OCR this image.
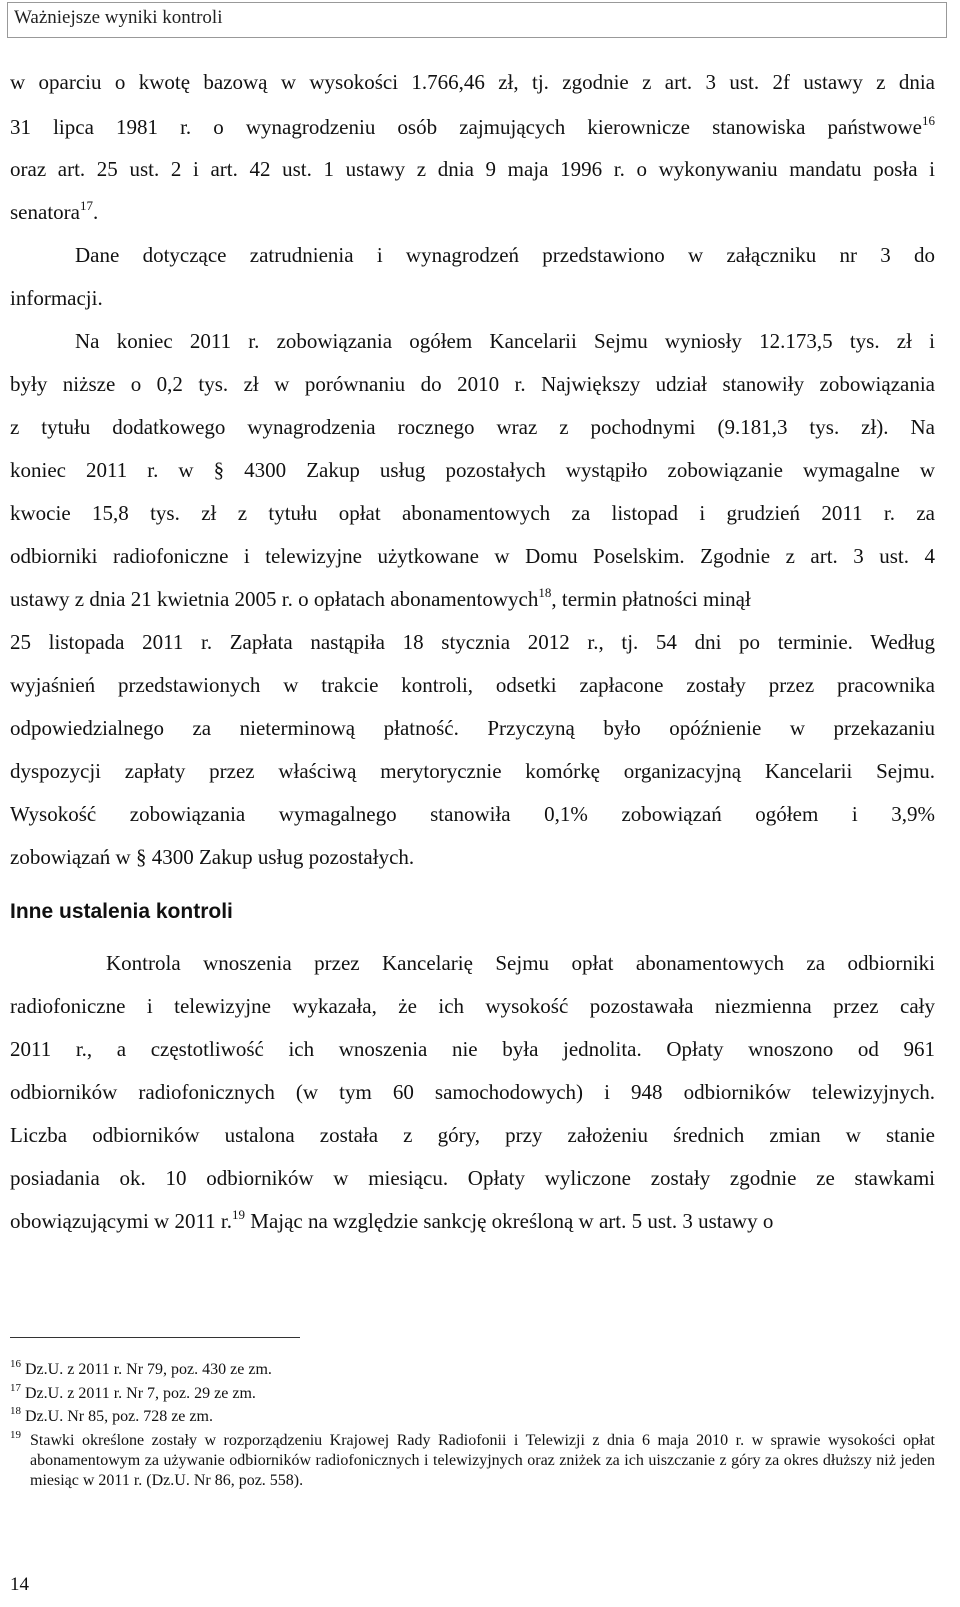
Ważniejsze wyniki kontroli
w oparciu o kwotę bazową w wysokości 1.766,46 zł, tj. zgodnie z art. 3 ust. 2f ustawy z dnia
31 lipca 1981 r. o wynagrodzeniu osób zajmujących kierownicze stanowiska państwowe$^{16}$
oraz art. 25 ust. 2 i art. 42 ust. 1 ustawy z dnia 9 maja 1996 r. o wykonywaniu mandatu posła i
senatora$^{17}$.
Dane dotyczące zatrudnienia i wynagrodzeń przedstawiono w załączniku nr 3 do
informacji.
Na koniec 2011 r. zobowiązania ogółem Kancelarii Sejmu wyniosły 12.173,5 tys. zł i
były niższe o 0,2 tys. zł w porównaniu do 2010 r. Największy udział stanowiły zobowiązania
z tytułu dodatkowego wynagrodzenia rocznego wraz z pochodnymi (9.181,3 tys. zł). Na
koniec 2011 r. w § 4300 Zakup usług pozostałych wystąpiło zobowiązanie wymagalne w
kwocie 15,8 tys. zł z tytułu opłat abonamentowych za listopad i grudzień 2011 r. za
odbiorniki radiofoniczne i telewizyjne użytkowane w Domu Poselskim. Zgodnie z art. 3 ust. 4
ustawy z dnia 21 kwietnia 2005 r. o opłatach abonamentowych$^{18}$, termin płatności minął
25 listopada 2011 r. Zapłata nastąpiła 18 stycznia 2012 r., tj. 54 dni po terminie. Według
wyjaśnień przedstawionych w trakcie kontroli, odsetki zapłacone zostały przez pracownika
odpowiedzialnego za nieterminową płatność. Przyczyną było opóźnienie w przekazaniu
dyspozycji zapłaty przez właściwą merytorycznie komórkę organizacyjną Kancelarii Sejmu.
Wysokość zobowiązania wymagalnego stanowiła 0,1% zobowiązań ogółem i 3,9%
zobowiązań w § 4300 Zakup usług pozostałych.
Inne ustalenia kontroli
Kontrola wnoszenia przez Kancelarię Sejmu opłat abonamentowych za odbiorniki
radiofoniczne i telewizyjne wykazała, że ich wysokość pozostawała niezmienna przez cały
2011 r., a częstotliwość ich wnoszenia nie była jednolita. Opłaty wnoszono od 961
odbiorników radiofonicznych (w tym 60 samochodowych) i 948 odbiorników telewizyjnych.
Liczba odbiorników ustalona została z góry, przy założeniu średnich zmian w stanie
posiadania ok. 10 odbiorników w miesiącu. Opłaty wyliczone zostały zgodnie ze stawkami
obowiązującymi w 2011 r.$^{19}$ Mając na względzie sankcję określoną w art. 5 ust. 3 ustawy o
$^{16}$ Dz.U. z 2011 r. Nr 79, poz. 430 ze zm.
$^{17}$ Dz.U. z 2011 r. Nr 7, poz. 29 ze zm.
$^{18}$ Dz.U. Nr 85, poz. 728 ze zm.
$^{19}$ Stawki określone zostały w rozporządzeniu Krajowej Rady Radiofonii i Telewizji z dnia 6 maja 2010 r. w sprawie wysokości opłat abonamentowym za używanie odbiorników radiofonicznych i telewizyjnych oraz zniżek za ich uiszczanie z góry za okres dłuższy niż jeden miesiąc w 2011 r. (Dz.U. Nr 86, poz. 558).
14
